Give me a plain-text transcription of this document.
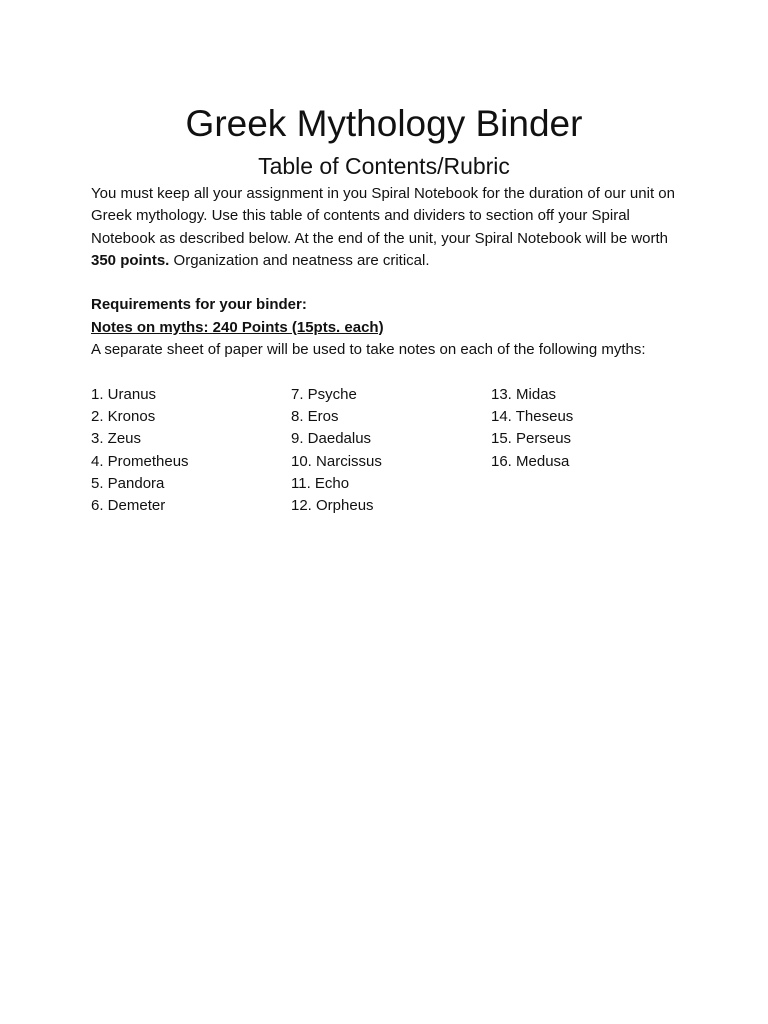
Greek Mythology Binder
Table of Contents/Rubric

You must keep all your assignment in you Spiral Notebook for the duration of our unit on Greek mythology. Use this table of contents and dividers to section off your Spiral Notebook as described below. At the end of the unit, your Spiral Notebook will be worth 350 points. Organization and neatness are critical.

Requirements for your binder:

Notes on myths: 240 Points (15pts. each)

A separate sheet of paper will be used to take notes on each of the following myths:

1. Uranus
2. Kronos
3. Zeus
4. Prometheus
5. Pandora
6. Demeter
7. Psyche
8. Eros
9. Daedalus
10. Narcissus
11. Echo
12. Orpheus
13. Midas
14. Theseus
15. Perseus
16. Medusa
